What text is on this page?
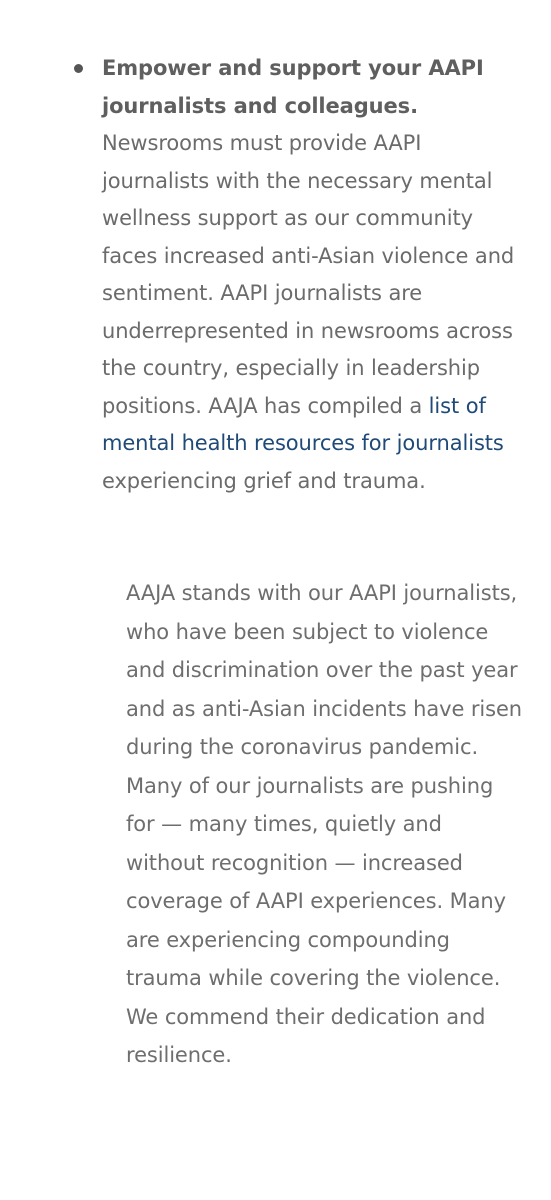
Empower and support your AAPI journalists and colleagues. Newsrooms must provide AAPI journalists with the necessary mental wellness support as our community faces increased anti-Asian violence and sentiment. AAPI journalists are underrepresented in newsrooms across the country, especially in leadership positions. AAJA has compiled a list of mental health resources for journalists experiencing grief and trauma.
AAJA stands with our AAPI journalists, who have been subject to violence and discrimination over the past year and as anti-Asian incidents have risen during the coronavirus pandemic. Many of our journalists are pushing for — many times, quietly and without recognition — increased coverage of AAPI experiences. Many are experiencing compounding trauma while covering the violence. We commend their dedication and resilience.
